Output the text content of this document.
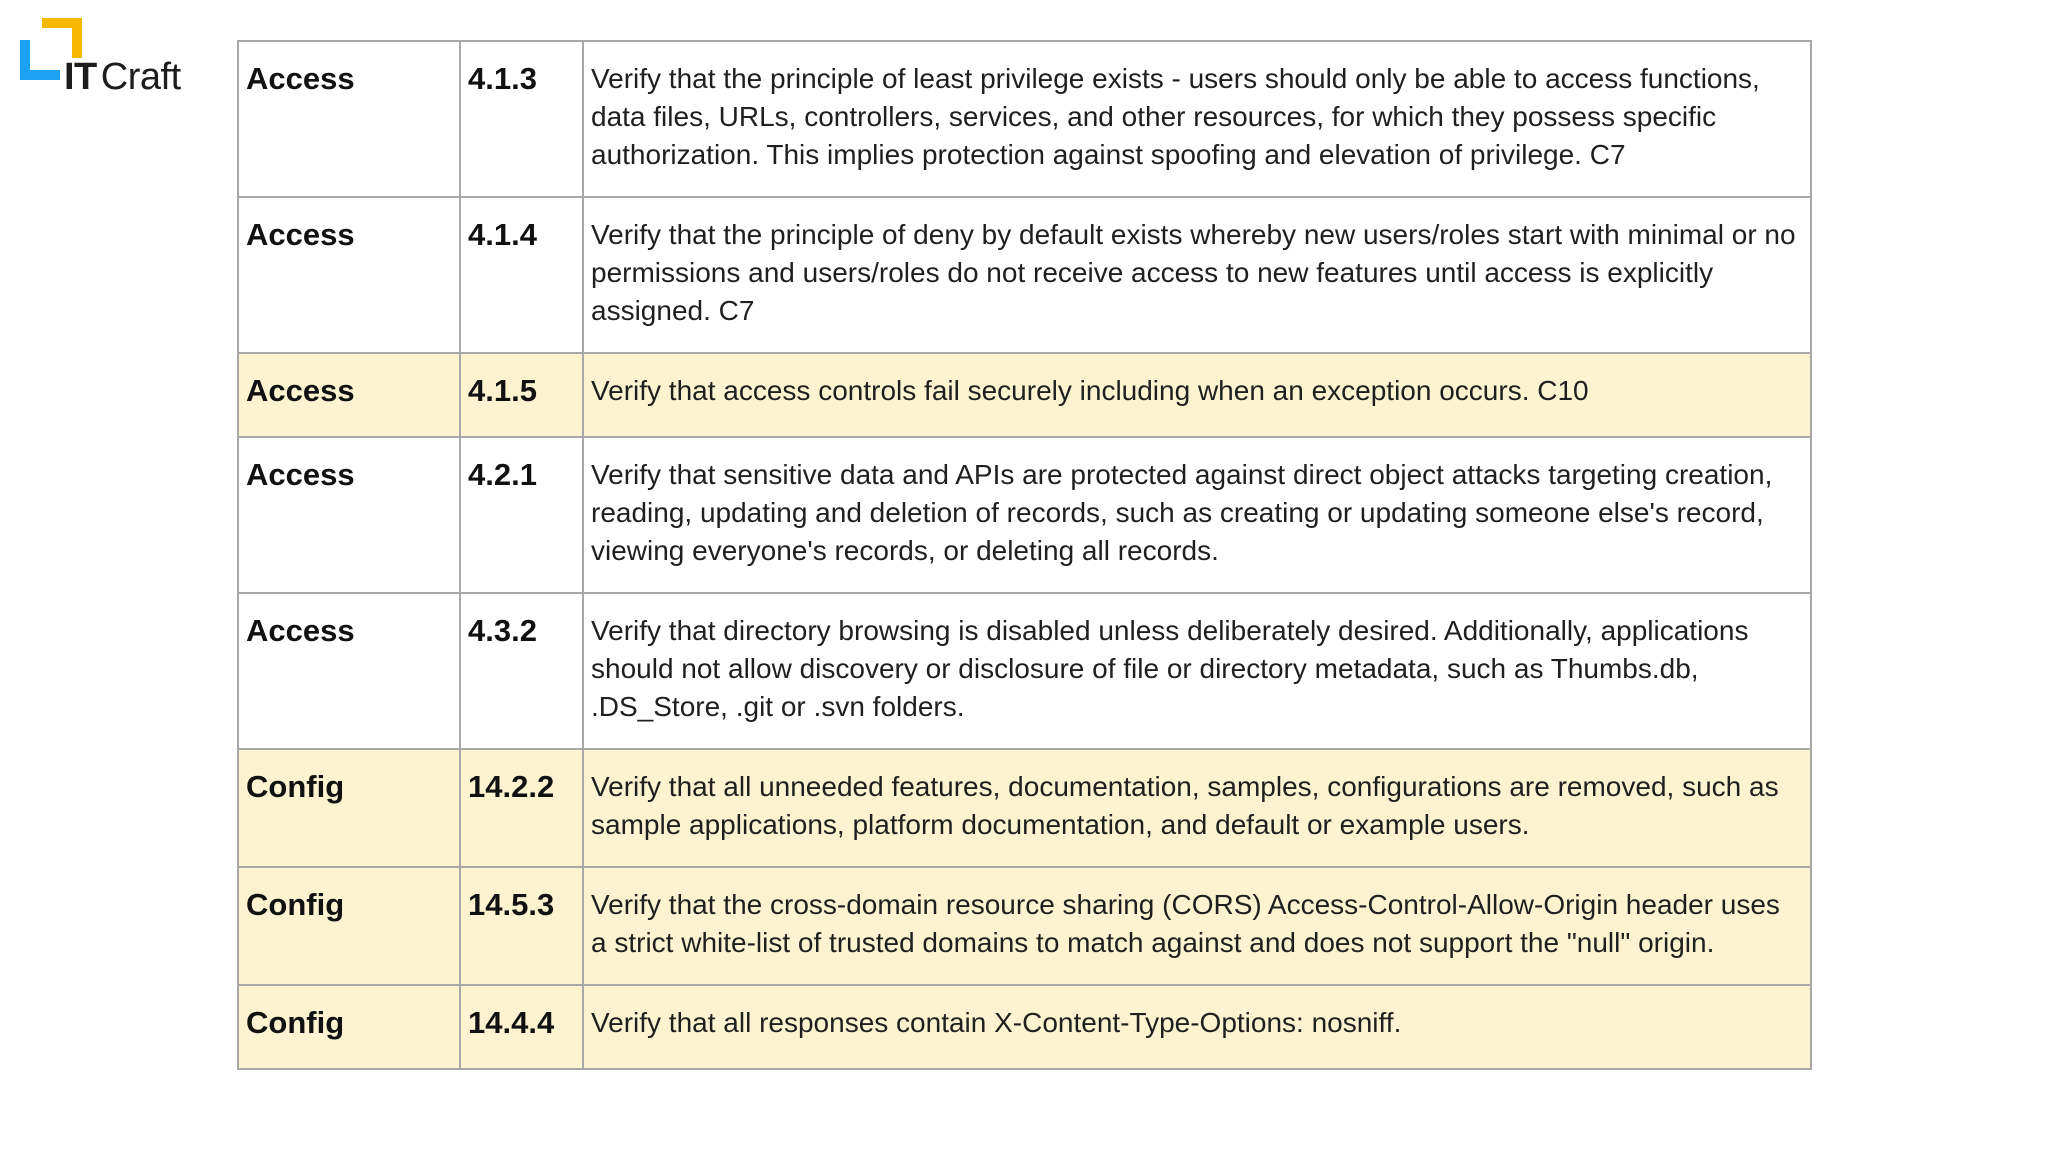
IT Craft Access	4.1.3	Verify that the principle of least privilege exists - users should only be able to access functions, data files, URLs, controllers, services, and other resources, for which they possess specific authorization. This implies protection against spoofing and elevation of privilege. C7
Access	4.1.4	Verify that the principle of deny by default exists whereby new users/roles start with minimal or no permissions and users/roles do not receive access to new features until access is explicitly assigned. C7
Access	4.1.5	Verify that access controls fail securely including when an exception occurs. C10
Access	4.2.1	Verify that sensitive data and APIs are protected against direct object attacks targeting creation, reading, updating and deletion of records, such as creating or updating someone else's record, viewing everyone's records, or deleting all records.
Access	4.3.2	Verify that directory browsing is disabled unless deliberately desired. Additionally, applications should not allow discovery or disclosure of file or directory metadata, such as Thumbs.db, .DS_Store, .git or .svn folders.
Config	14.2.2	Verify that all unneeded features, documentation, samples, configurations are removed, such as sample applications, platform documentation, and default or example users.
Config	14.5.3	Verify that the cross-domain resource sharing (CORS) Access-Control-Allow-Origin header uses a strict white-list of trusted domains to match against and does not support the "null" origin.
Config	14.4.4	Verify that all responses contain X-Content-Type-Options: nosniff.
